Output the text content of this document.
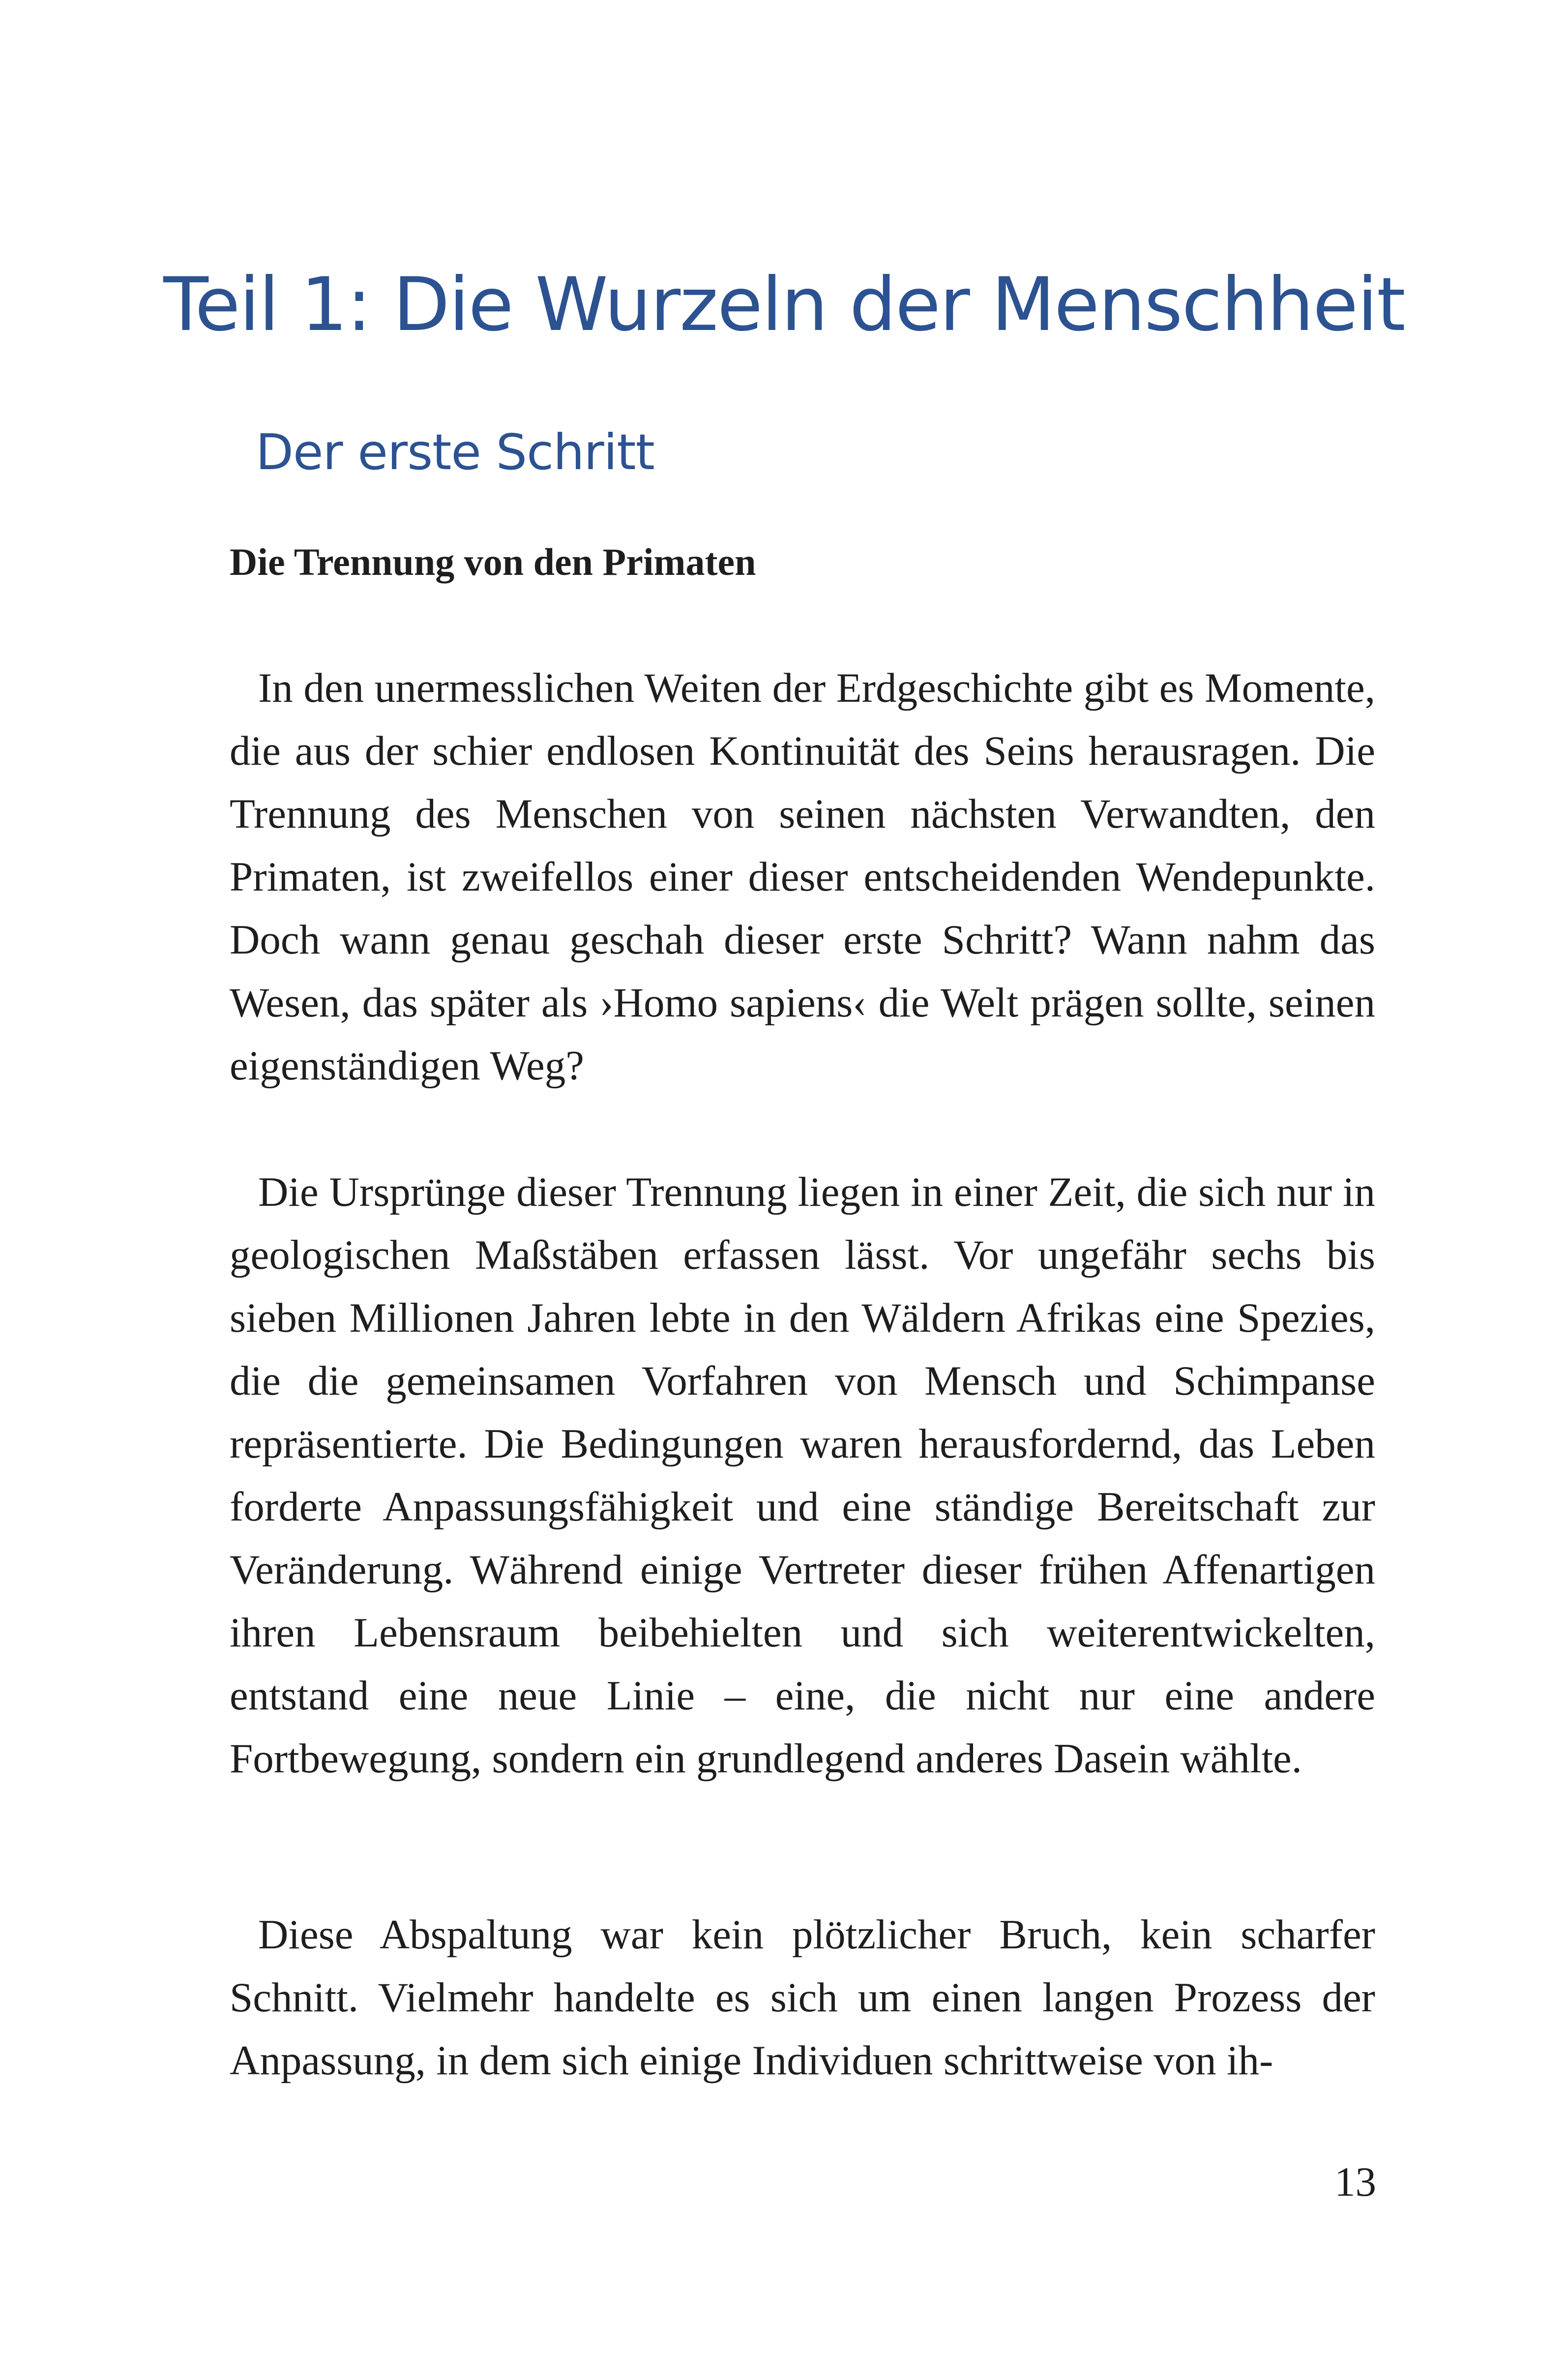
Teil 1: Die Wurzeln der Menschheit
Der erste Schritt
Die Trennung von den Primaten

In den unermesslichen Weiten der Erdgeschichte gibt es Momente, die aus der schier endlosen Kontinuität des Seins herausragen. Die Trennung des Menschen von seinen nächsten Verwandten, den Primaten, ist zweifellos einer dieser entscheidenden Wendepunkte. Doch wann genau geschah dieser erste Schritt? Wann nahm das Wesen, das später als ›Homo sapiens‹ die Welt prägen sollte, seinen eigenständigen Weg?

Die Ursprünge dieser Trennung liegen in einer Zeit, die sich nur in geologischen Maßstäben erfassen lässt. Vor ungefähr sechs bis sieben Millionen Jahren lebte in den Wäldern Afrikas eine Spezies, die die gemeinsamen Vorfahren von Mensch und Schimpanse repräsentierte. Die Bedingungen waren herausfordernd, das Leben forderte Anpassungsfähigkeit und eine ständige Bereitschaft zur Veränderung. Während einige Vertreter dieser frühen Affenartigen ihren Lebensraum beibehielten und sich weiterentwickelten, entstand eine neue Linie – eine, die nicht nur eine andere Fortbewegung, sondern ein grundlegend anderes Dasein wählte.

Diese Abspaltung war kein plötzlicher Bruch, kein scharfer Schnitt. Vielmehr handelte es sich um einen langen Prozess der Anpassung, in dem sich einige Individuen schrittweise von ih-

13
